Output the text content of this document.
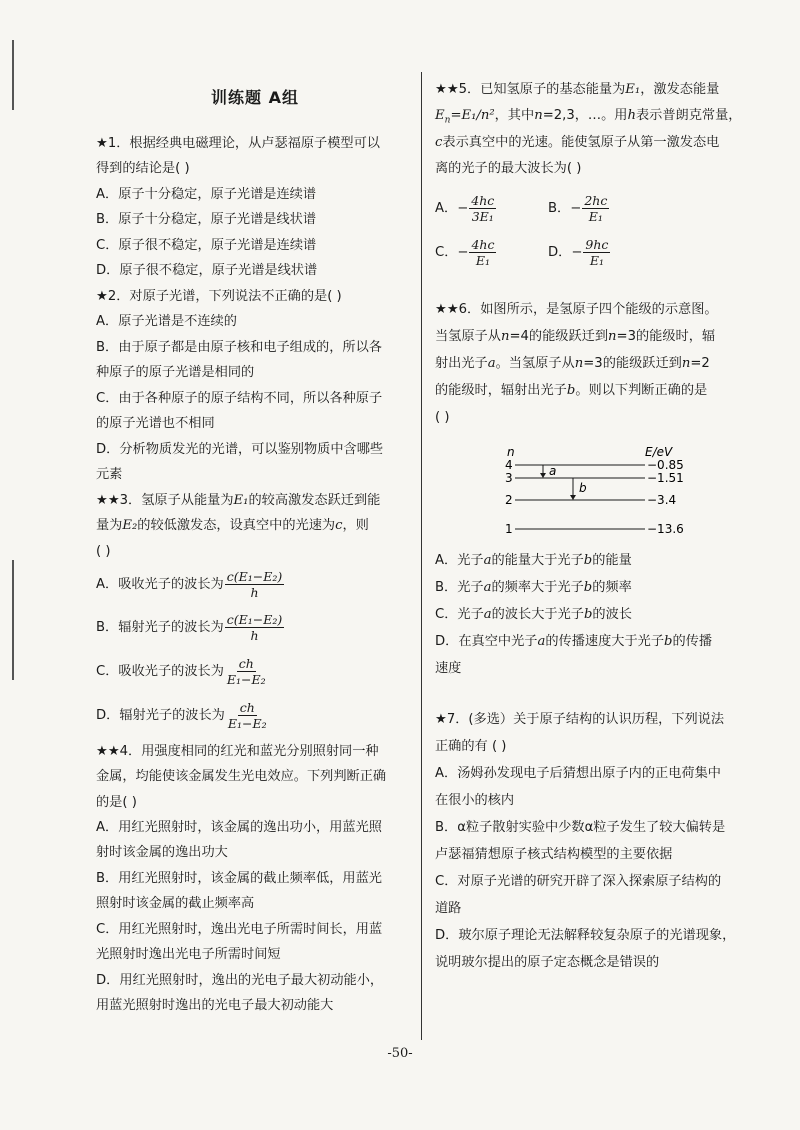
训练题 A组
★1．根据经典电磁理论，从卢瑟福原子模型可以
得到的结论是( )
A．原子十分稳定，原子光谱是连续谱
B．原子十分稳定，原子光谱是线状谱
C．原子很不稳定，原子光谱是连续谱
D．原子很不稳定，原子光谱是线状谱
★2．对原子光谱，下列说法不正确的是( )
A．原子光谱是不连续的
B．由于原子都是由原子核和电子组成的，所以各
种原子的原子光谱是相同的
C．由于各种原子的原子结构不同，所以各种原子
的原子光谱也不相同
D．分析物质发光的光谱，可以鉴别物质中含哪些
元素
★★3．氢原子从能量为E₁的较高激发态跃迁到能
量为E₂的较低激发态，设真空中的光速为c，则
( )
A．吸收光子的波长为 $\frac{\text{c(E₁−E₂)}}{h}$
B．辐射光子的波长为 $\frac{\text{c(E₁−E₂)}}{h}$
C．吸收光子的波长为 $\frac{ch}{\text{E₁−E₂}}$
D．辐射光子的波长为 $\frac{ch}{\text{E₁−E₂}}$
★★4．用强度相同的红光和蓝光分别照射同一种
金属，均能使该金属发生光电效应。下列判断正确
的是( )
A．用红光照射时，该金属的逸出功小，用蓝光照
射时该金属的逸出功大
B．用红光照射时，该金属的截止频率低，用蓝光
照射时该金属的截止频率高
C．用红光照射时，逸出光电子所需时间长，用蓝
光照射时逸出光电子所需时间短
D．用红光照射时，逸出的光电子最大初动能小，
用蓝光照射时逸出的光电子最大初动能大
★★5．已知氢原子的基态能量为E₁，激发态能量
$E_n=E_1/n^2$，其中n=2,3，…。用h表示普朗克常量，
c表示真空中的光速。能使氢原子从第一激发态电
离的光子的最大波长为( )
A．− $\frac{4hc}{\text{3E₁}}$	B．− $\frac{2hc}{\text{E₁}}$
C．− $\frac{4hc}{\text{E₁}}$	D．− $\frac{9hc}{\text{E₁}}$
★★6．如图所示，是氢原子四个能级的示意图。
当氢原子从n=4的能级跃迁到n=3的能级时，辐
射出光子a。当氢原子从n=3的能级跃迁到n=2
的能级时，辐射出光子b。则以下判断正确的是
( )
n	E/eV
4	−0.85
3	−1.51
2	−3.4
1	−13.6
a
b
A．光子a的能量大于光子b的能量
B．光子a的频率大于光子b的频率
C．光子a的波长大于光子b的波长
D．在真空中光子a的传播速度大于光子b的传播
速度
★7．(多选）关于原子结构的认识历程，下列说法
正确的有 ( )
A．汤姆孙发现电子后猜想出原子内的正电荷集中
在很小的核内
B．α粒子散射实验中少数α粒子发生了较大偏转是
卢瑟福猜想原子核式结构模型的主要依据
C．对原子光谱的研究开辟了深入探索原子结构的
道路
D．玻尔原子理论无法解释较复杂原子的光谱现象，
说明玻尔提出的原子定态概念是错误的
-50-
